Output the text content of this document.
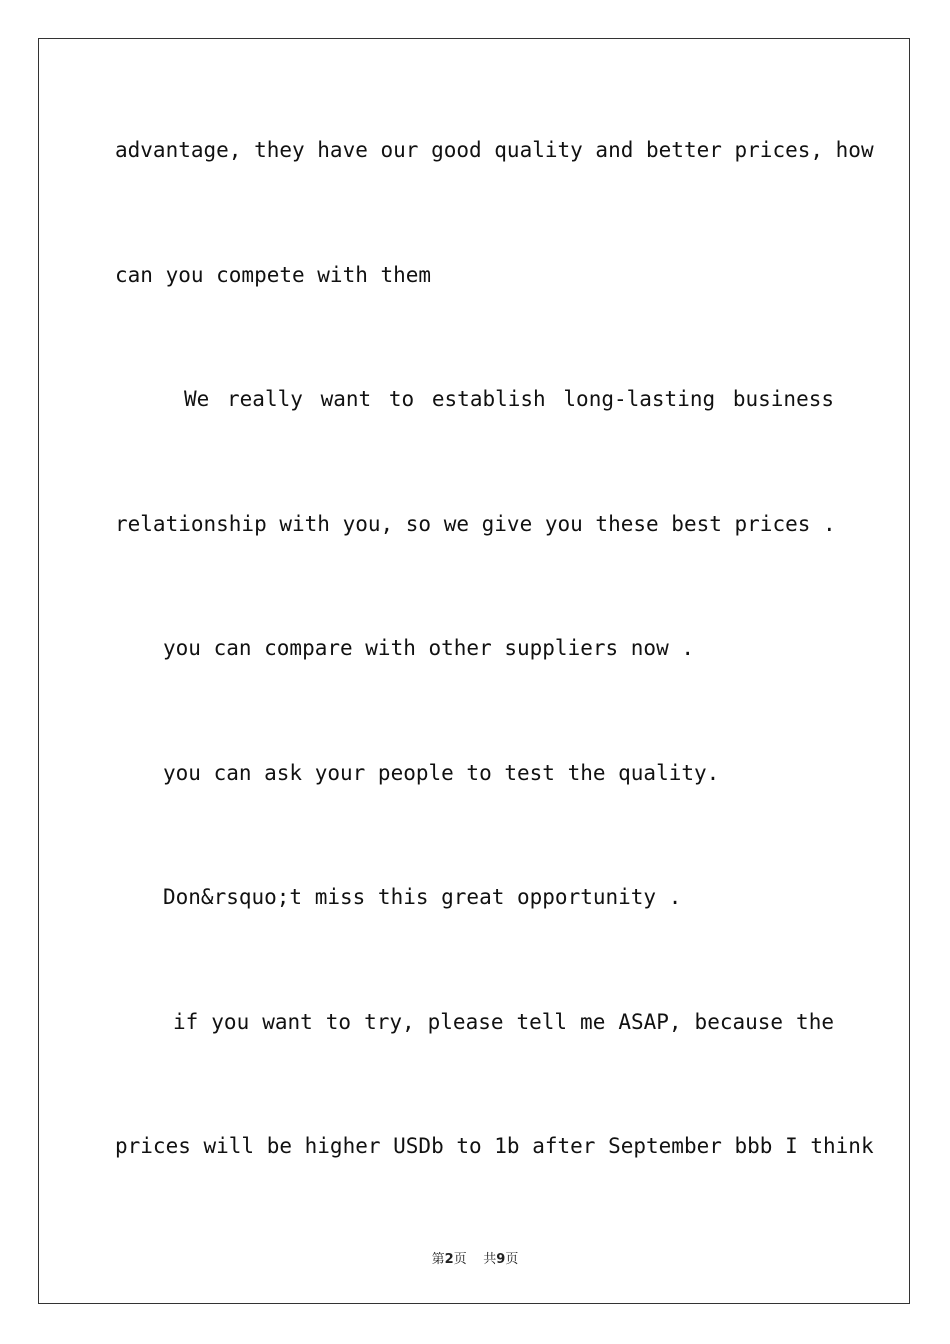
advantage, they have our good quality and better prices, how
can you compete with them
We really want to establish long-lasting business
relationship with you, so we give you these best prices .
you can compare with other suppliers now .
you can ask your people to test the quality.
Don&rsquo;t miss this great opportunity .
if you want to try, please tell me ASAP, because the
prices will be higher USDb to 1b after September bbb I think
第2页 共9页
